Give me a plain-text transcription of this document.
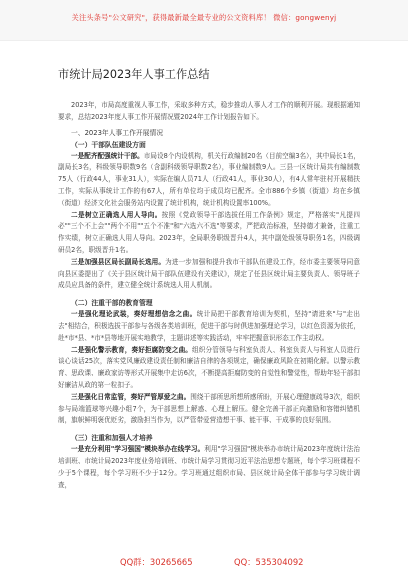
关注头条号"公文研究"，获得最新最全最专业的公文资料库！ 微信：gongwenyj
市统计局2023年人事工作总结

2023年，市局高度重视人事工作，采取多种方式，稳步推动人事人才工作的顺利开展。现根据通知要求，总结2023年度人事工作开展情况暨2024年工作计划报告如下。

一、2023年人事工作开展情况

（一）干部队伍建设方面

一是配齐配强统计干部。市局设8个内设机构，机关行政编制20名（目前空编3名），其中局长1名，副局长3名，科级领导职数9名（含副科级领导职数2名），事业编制数9人。三县一区统计局共有编制数75人（行政44人，事业31人），实际在编人员71人（行政41人，事业30人），有4人常年驻村开展精扶工作，实际从事统计工作的有67人，所有单位均于成员均已配齐。全市886个乡镇（街道）均在乡镇（街道）经济文化社会服务站内设置了统计机构，统计机构设置率100%。

二是树立正确选人用人导向。按照《党政领导干部选拔任用工作条例》规定，严格落实"凡提四必""三个不上会""两个不用""五个不准"和"六选六不选"等要求，严把政治标准，坚持德才兼备，注重工作实绩，树立正确选人用人导向。2023年，全局职务职级晋升4人，其中副处级领导职务1名，四级调研员2名，职级晋升1名。

三是加强县区局长副局长选用。为进一步加强和提升我市干部队伍建设工作，经市委主要领导同意向县区委提出了《关于县区统计局干部队伍建设有关建议》，规定了任县区统计局主要负责人、领导班子成员应具备的条件，建立健全统计系统选人用人机制。

（二）注重干部的教育管理

一是强化理论武装，奏好理想信念之曲。统计局把干部教育培训为契机，坚持"请进来"与"走出去"相结合，积极选拔干部参与各级各类培训班，促进干部与时俱进加强理论学习，以红色资源为依托，赴*市*县、*市*县等地开展实地教学，主题讲述等实践活动，牢牢把握意识形态工作主动权。

二是强化警示教育，奏好拒腐防变之曲。组织分管领导与科室负责人、科室负责人与科室人员进行谈心谈话25次，落实党风廉政建设责任制和廉洁自律的各项规定，确保廉政风险在初期化解。以警示教育、思政课、廉政家访等形式开展集中走访6次，不断提高拒腐防变的自觉性和警觉性，帮助年轻干部扣好廉洁从政的第一粒扣子。

三是强化日常监管，奏好严管厚爱之曲。围绕干部所思所想所感所盼，开展心理健康疏导3次，组织参与局端篮球等兴趣小组7个，为干部思想上解惑、心理上解压。健全完善干部正向激励和容错纠错机制，旗帜鲜明褒优贬劣，激励担当作为，以严管带爱营造想干事、能干事、干成事的良好氛围。

（三）注重和加强人才培养

一是充分利用"学习强国"模块举办在线学习。利用"学习强国"模块举办市统计局2023年度统计法治培训班、市统计局2023年度业务培训班、市统计局学习贯彻习近平法治思想专题班，每个学习班课程不少于5个课程，每个学习班不少于12分。学习班通过组织市局、县区统计局全体干部参与学习统计调查，

QQ群：30265665	QQ：535304092
